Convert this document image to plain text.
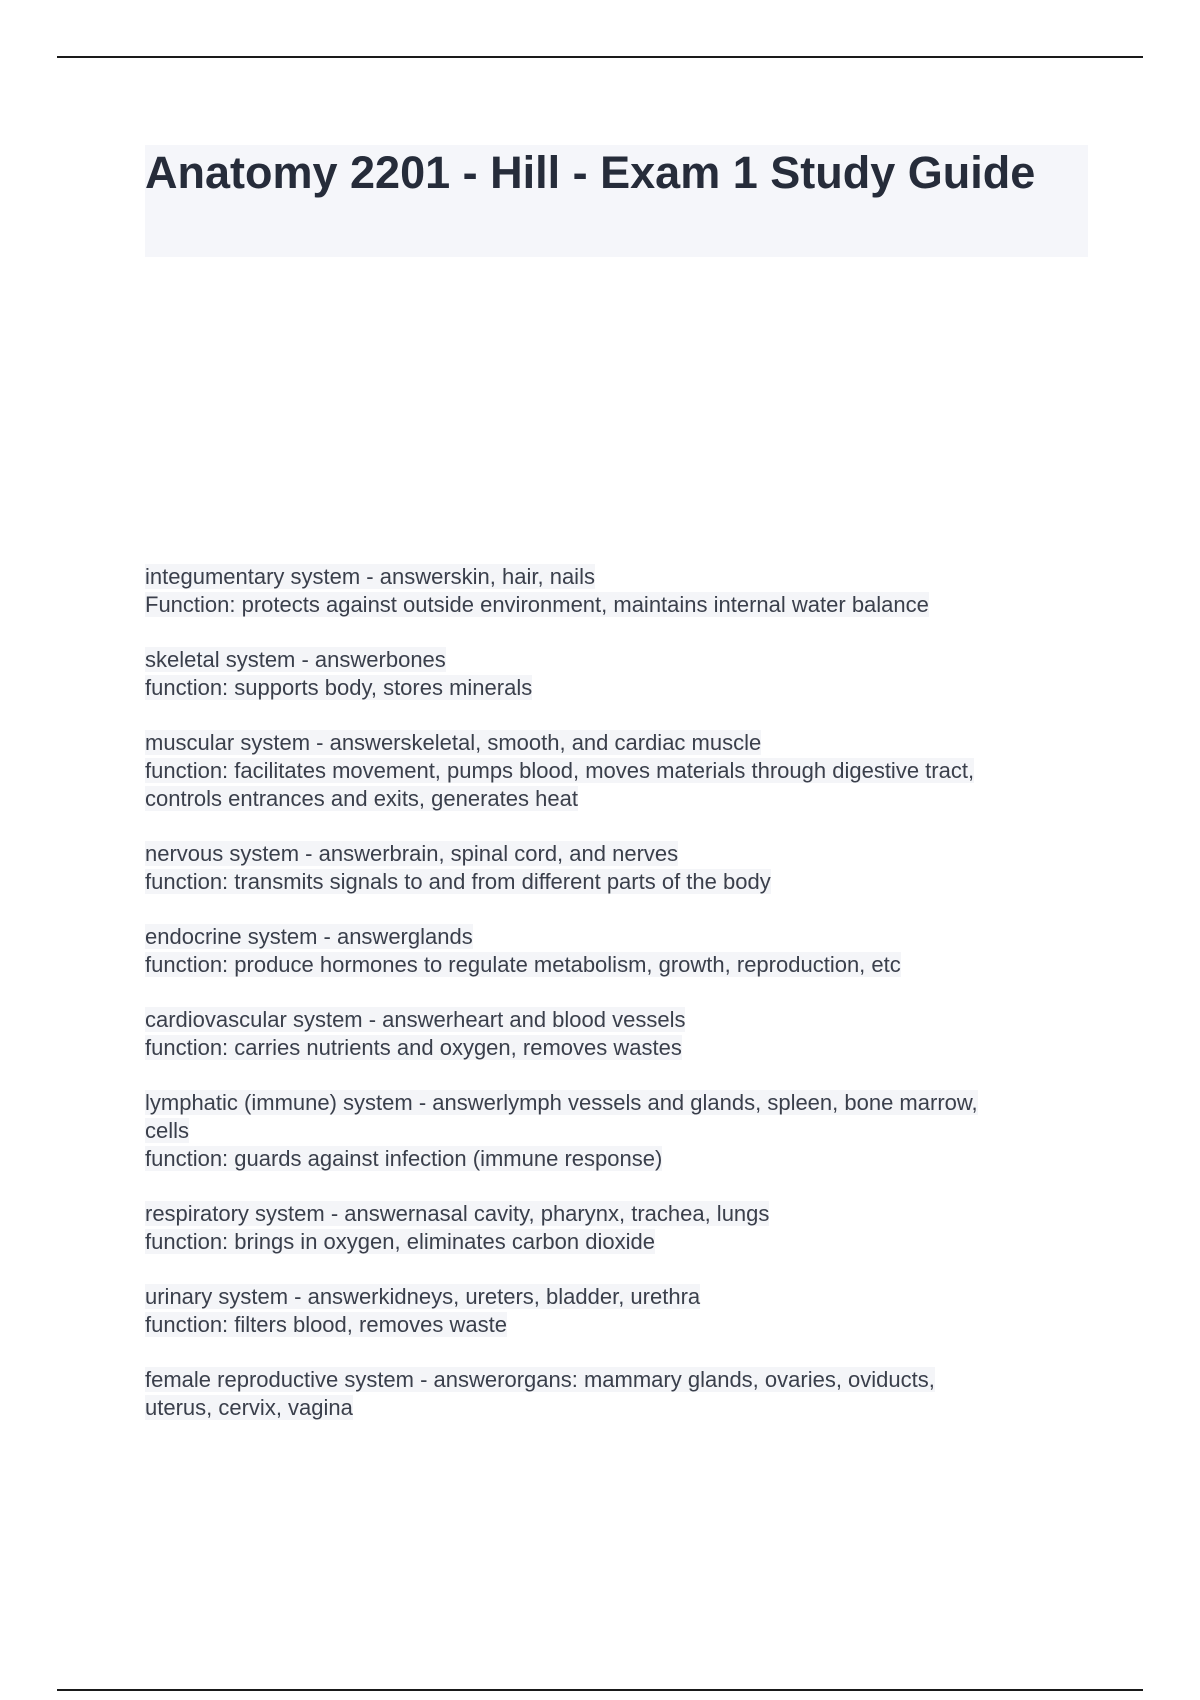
Anatomy 2201 - Hill - Exam 1 Study Guide
integumentary system - answerskin, hair, nails
Function: protects against outside environment, maintains internal water balance
skeletal system - answerbones
function: supports body, stores minerals
muscular system - answerskeletal, smooth, and cardiac muscle
function: facilitates movement, pumps blood, moves materials through digestive tract,
controls entrances and exits, generates heat
nervous system - answerbrain, spinal cord, and nerves
function: transmits signals to and from different parts of the body
endocrine system - answerglands
function: produce hormones to regulate metabolism, growth, reproduction, etc
cardiovascular system - answerheart and blood vessels
function: carries nutrients and oxygen, removes wastes
lymphatic (immune) system - answerlymph vessels and glands, spleen, bone marrow,
cells
function: guards against infection (immune response)
respiratory system - answernasal cavity, pharynx, trachea, lungs
function: brings in oxygen, eliminates carbon dioxide
urinary system - answerkidneys, ureters, bladder, urethra
function: filters blood, removes waste
female reproductive system - answerorgans: mammary glands, ovaries, oviducts,
uterus, cervix, vagina
